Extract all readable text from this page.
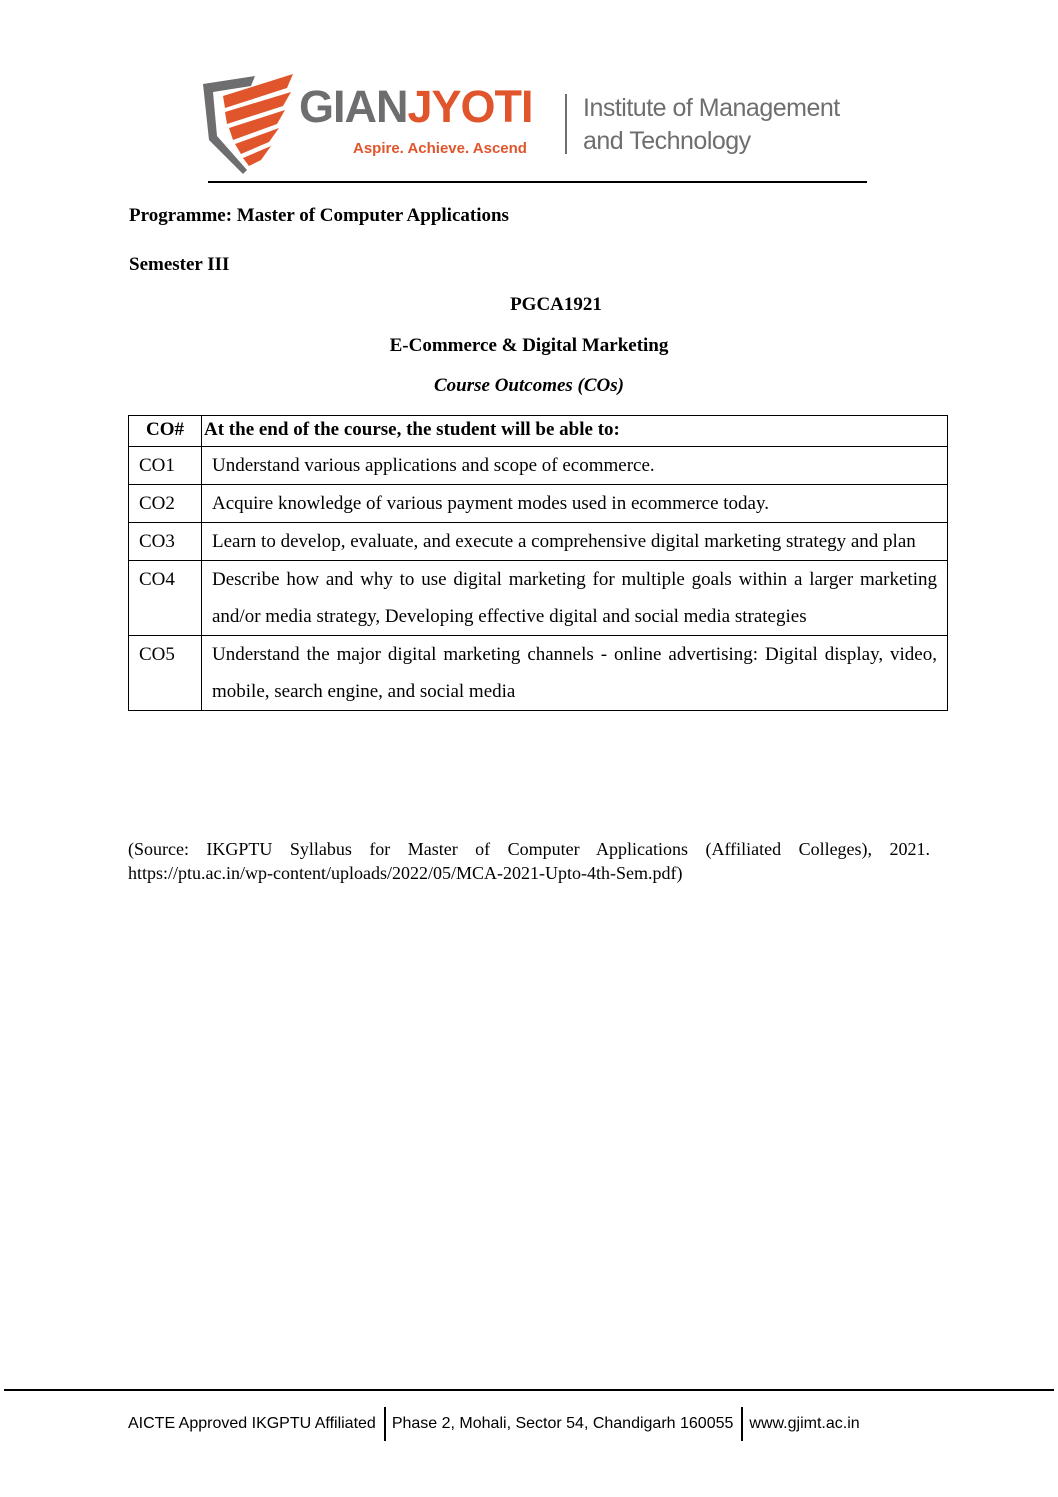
GIANJYOTI
Aspire. Achieve. Ascend
Institute of Management
and Technology
Programme: Master of Computer Applications
Semester III
PGCA1921
E-Commerce & Digital Marketing
Course Outcomes (COs)
CO#	At the end of the course, the student will be able to:
CO1	Understand various applications and scope of ecommerce.
CO2	Acquire knowledge of various payment modes used in ecommerce today.
CO3	Learn to develop, evaluate, and execute a comprehensive digital marketing strategy and plan
CO4	Describe how and why to use digital marketing for multiple goals within a larger marketing and/or media strategy, Developing effective digital and social media strategies
CO5	Understand the major digital marketing channels - online advertising: Digital display, video, mobile, search engine, and social media
(Source: IKGPTU Syllabus for Master of Computer Applications (Affiliated Colleges), 2021. https://ptu.ac.in/wp-content/uploads/2022/05/MCA-2021-Upto-4th-Sem.pdf)
AICTE Approved IKGPTU Affiliated Phase 2, Mohali, Sector 54, Chandigarh 160055 www.gjimt.ac.in
